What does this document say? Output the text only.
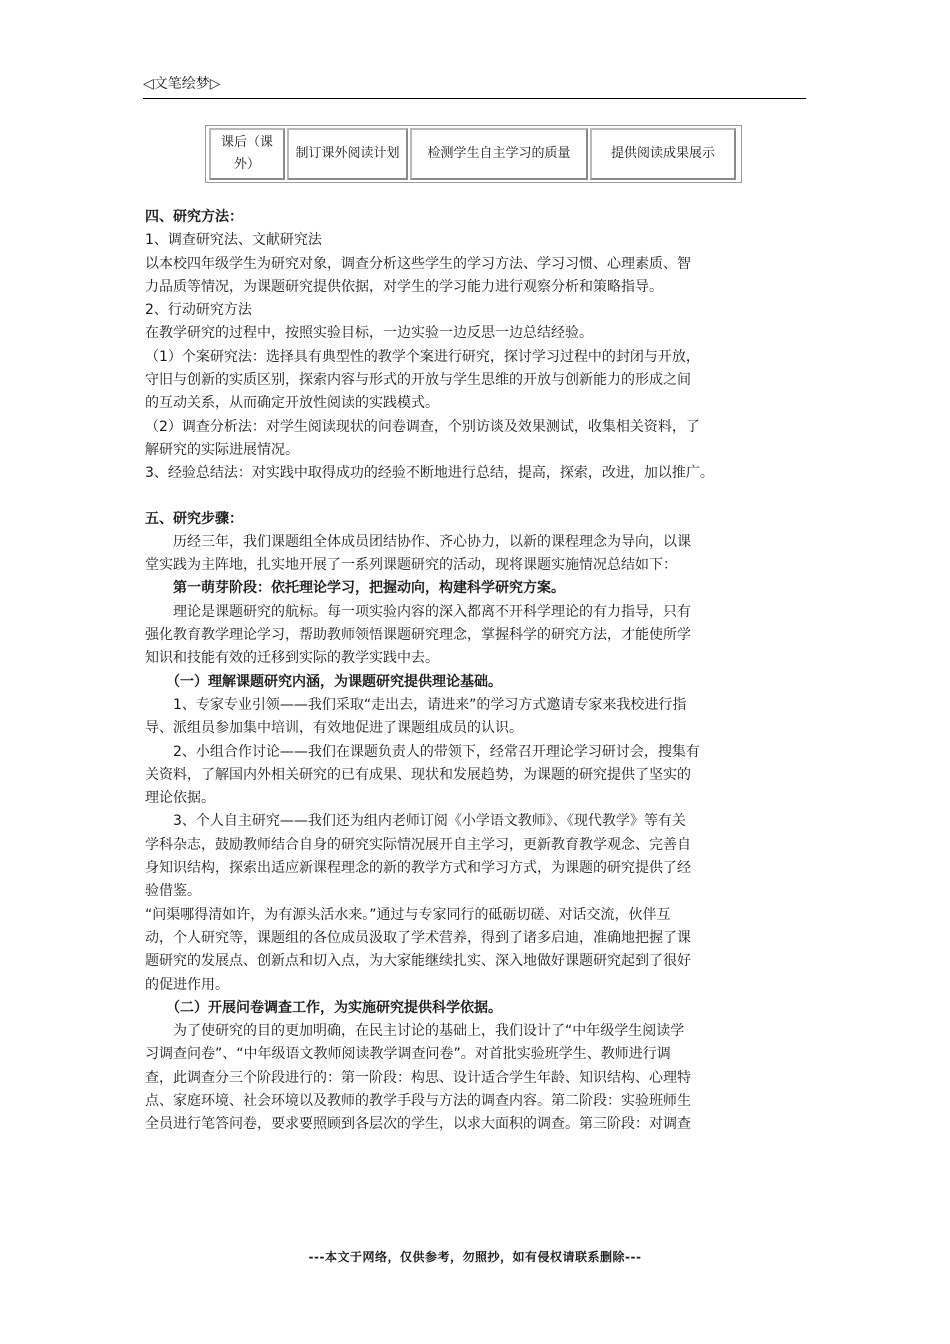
◁文笔绘梦▷
课后（课
外）
制订课外阅读计划 检测学生自主学习的质量	提供阅读成果展示

四、研究方法：

1、调查研究法、文献研究法

以本校四年级学生为研究对象，调查分析这些学生的学习方法、学习习惯、心理素质、智

力品质等情况，为课题研究提供依据，对学生的学习能力进行观察分析和策略指导。

2、行动研究方法

在教学研究的过程中，按照实验目标，一边实验一边反思一边总结经验。

（1）个案研究法：选择具有典型性的教学个案进行研究，探讨学习过程中的封闭与开放，

守旧与创新的实质区别，探索内容与形式的开放与学生思维的开放与创新能力的形成之间

的互动关系，从而确定开放性阅读的实践模式。

（2）调查分析法：对学生阅读现状的问卷调查，个别访谈及效果测试，收集相关资料，了

解研究的实际进展情况。

3、经验总结法：对实践中取得成功的经验不断地进行总结，提高，探索，改进，加以推广。

五、研究步骤：

　　历经三年，我们课题组全体成员团结协作、齐心协力，以新的课程理念为导向，以课

堂实践为主阵地，扎实地开展了一系列课题研究的活动，现将课题实施情况总结如下：

　　第一萌芽阶段：依托理论学习，把握动向，构建科学研究方案。

　　理论是课题研究的航标。每一项实验内容的深入都离不开科学理论的有力指导，只有

强化教育教学理论学习，帮助教师领悟课题研究理念，掌握科学的研究方法，才能使所学

知识和技能有效的迁移到实际的教学实践中去。

　　（一）理解课题研究内涵，为课题研究提供理论基础。

　　1、专家专业引领——我们采取“走出去，请进来”的学习方式邀请专家来我校进行指

导、派组员参加集中培训，有效地促进了课题组成员的认识。

　　2、小组合作讨论——我们在课题负责人的带领下，经常召开理论学习研讨会，搜集有

关资料，了解国内外相关研究的已有成果、现状和发展趋势，为课题的研究提供了坚实的

理论依据。

　　3、个人自主研究——我们还为组内老师订阅《小学语文教师》、《现代教学》等有关

学科杂志，鼓励教师结合自身的研究实际情况展开自主学习，更新教育教学观念、完善自

身知识结构，探索出适应新课程理念的新的教学方式和学习方式，为课题的研究提供了经

验借鉴。

“问渠哪得清如许，为有源头活水来。”通过与专家同行的砥砺切磋、对话交流，伙伴互

动，个人研究等，课题组的各位成员汲取了学术营养，得到了诸多启迪，准确地把握了课

题研究的发展点、创新点和切入点，为大家能继续扎实、深入地做好课题研究起到了很好

的促进作用。

　　（二）开展问卷调查工作，为实施研究提供科学依据。

　　为了使研究的目的更加明确，在民主讨论的基础上，我们设计了“中年级学生阅读学

习调查问卷”、“中年级语文教师阅读教学调查问卷”。对首批实验班学生、教师进行调

查，此调查分三个阶段进行的：第一阶段：构思、设计适合学生年龄、知识结构、心理特

点、家庭环境、社会环境以及教师的教学手段与方法的调查内容。第二阶段：实验班师生

全员进行笔答问卷，要求要照顾到各层次的学生，以求大面积的调查。第三阶段：对调查

---本文于网络，仅供参考，勿照抄，如有侵权请联系删除---
